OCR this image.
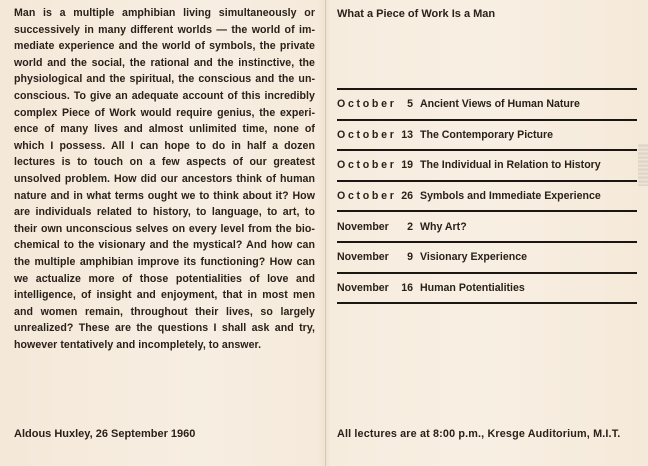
Man is a multiple amphibian living simultaneously or successively in many different worlds — the world of immediate experience and the world of symbols, the private world and the social, the rational and the instinctive, the physiological and the spiritual, the conscious and the unconscious. To give an adequate account of this incredibly complex Piece of Work would require genius, the experience of many lives and almost unlimited time, none of which I possess. All I can hope to do in half a dozen lectures is to touch on a few aspects of our greatest unsolved problem. How did our ancestors think of human nature and in what terms ought we to think about it? How are individuals related to history, to language, to art, to their own unconscious selves on every level from the bio-chemical to the visionary and the mystical? And how can the multiple amphibian improve its functioning? How can we actualize more of those potentialities of love and intelligence, of insight and enjoyment, that in most men and women remain, throughout their lives, so largely unrealized? These are the questions I shall ask and try, however tentatively and incompletely, to answer.

Aldous Huxley, 26 September 1960
What a Piece of Work Is a Man
October 5 Ancient Views of Human Nature
October 13 The Contemporary Picture
October 19 The Individual in Relation to History
October 26 Symbols and Immediate Experience
November	2 Why Art?
November	9 Visionary Experience
November	16 Human Potentialities
All lectures are at 8:00 p.m., Kresge Auditorium, M.I.T.
